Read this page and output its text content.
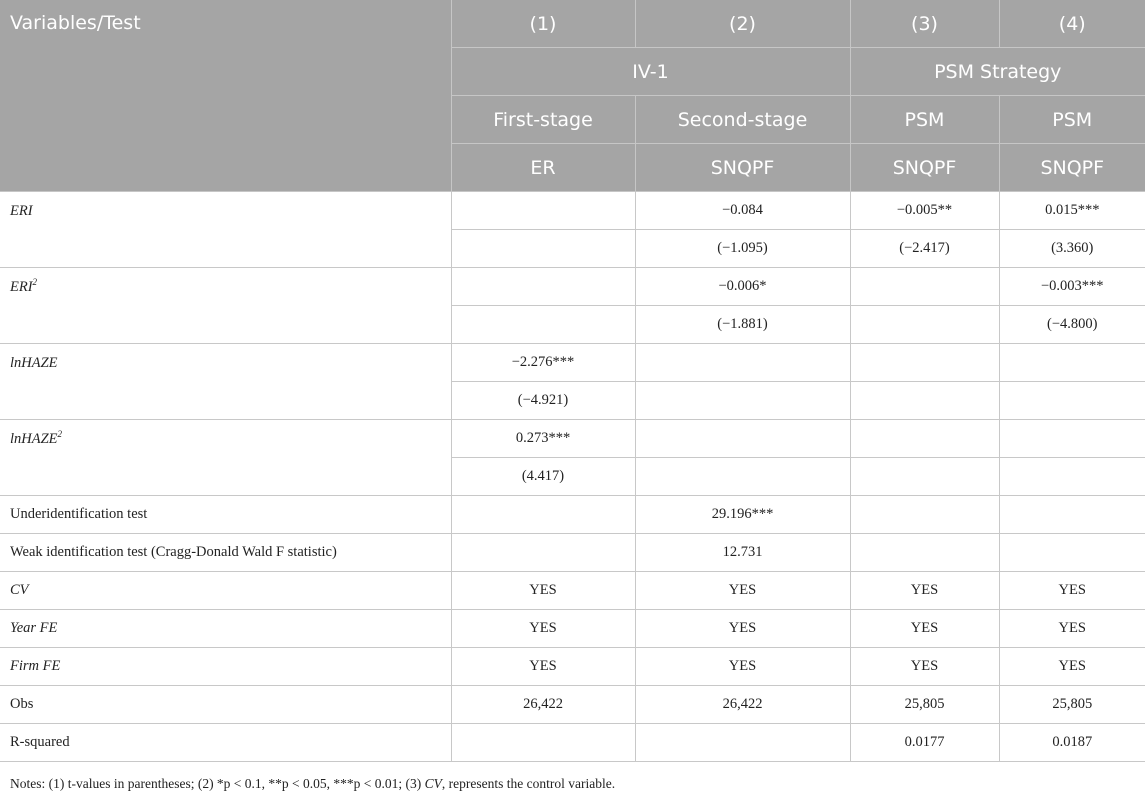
Variables/Test	(1)	(2)	(3)	(4)
	IV-1		PSM Strategy	
	First-stage	Second-stage	PSM	PSM
	ER	SNQPF	SNQPF	SNQPF
ERI		−0.084	−0.005**	0.015***
		(−1.095)	(−2.417)	(3.360)
ERI$^2$		−0.006*		−0.003***
		(−1.881)		(−4.800)
lnHAZE	−2.276***			
	(−4.921)			
lnHAZE$^2$	0.273***			
	(4.417)			
Underidentification test		29.196***		
Weak identification test (Cragg-Donald Wald F statistic)		12.731		
CV	YES	YES	YES	YES
Year FE	YES	YES	YES	YES
Firm FE	YES	YES	YES	YES
Obs	26,422	26,422	25,805	25,805
R-squared			0.0177	0.0187
Notes: (1) t-values in parentheses; (2) *p < 0.1, **p < 0.05, ***p < 0.01; (3) CV, represents the control variable.
